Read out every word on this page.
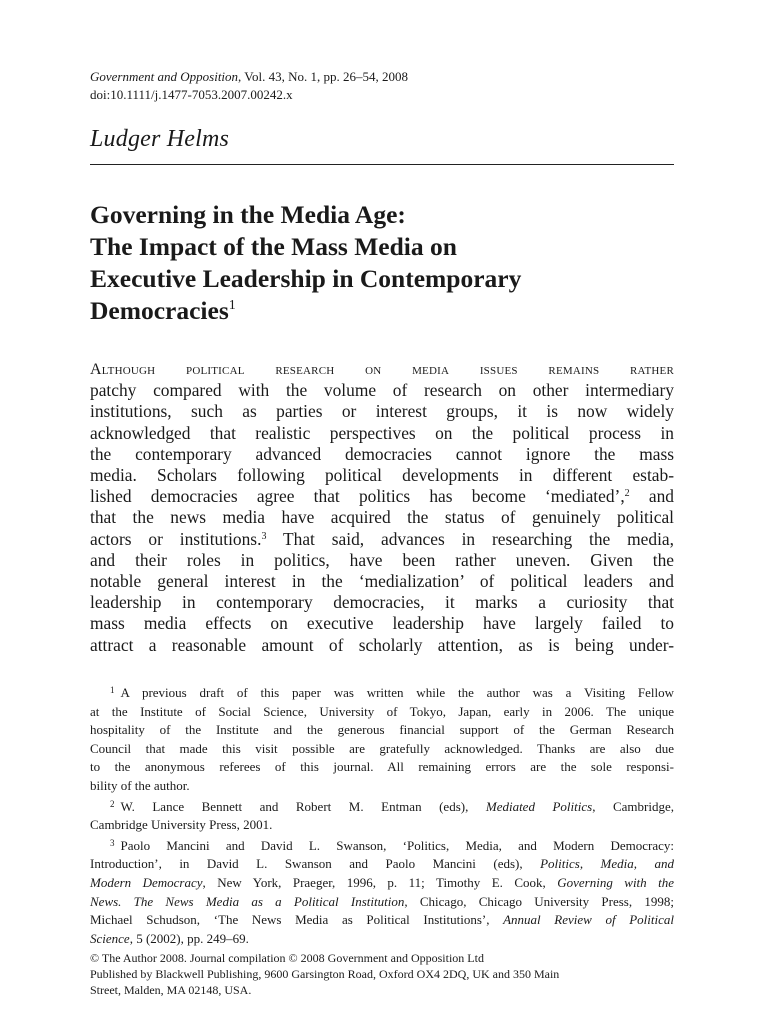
Government and Opposition, Vol. 43, No. 1, pp. 26–54, 2008
doi:10.1111/j.1477-7053.2007.00242.x
Ludger Helms
Governing in the Media Age:
The Impact of the Mass Media on
Executive Leadership in Contemporary
Democracies$^1$
Although political research on media issues remains rather
patchy compared with the volume of research on other intermediary
institutions, such as parties or interest groups, it is now widely
acknowledged that realistic perspectives on the political process in
the contemporary advanced democracies cannot ignore the mass
media. Scholars following political developments in different estab-
lished democracies agree that politics has become ‘mediated’,$^2$ and
that the news media have acquired the status of genuinely political
actors or institutions.$^3$ That said, advances in researching the media,
and their roles in politics, have been rather uneven. Given the
notable general interest in the ‘medialization’ of political leaders and
leadership in contemporary democracies, it marks a curiosity that
mass media effects on executive leadership have largely failed to
attract a reasonable amount of scholarly attention, as is being under-
$^1$ A previous draft of this paper was written while the author was a Visiting Fellow
at the Institute of Social Science, University of Tokyo, Japan, early in 2006. The unique
hospitality of the Institute and the generous financial support of the German Research
Council that made this visit possible are gratefully acknowledged. Thanks are also due
to the anonymous referees of this journal. All remaining errors are the sole responsi-
bility of the author.
$^2$ W. Lance Bennett and Robert M. Entman (eds), Mediated Politics, Cambridge,
Cambridge University Press, 2001.
$^3$ Paolo Mancini and David L. Swanson, ‘Politics, Media, and Modern Democracy:
Introduction’, in David L. Swanson and Paolo Mancini (eds), Politics, Media, and
Modern Democracy, New York, Praeger, 1996, p. 11; Timothy E. Cook, Governing with the
News. The News Media as a Political Institution, Chicago, Chicago University Press, 1998;
Michael Schudson, ‘The News Media as Political Institutions’, Annual Review of Political
Science, 5 (2002), pp. 249–69.
© The Author 2008. Journal compilation © 2008 Government and Opposition Ltd
Published by Blackwell Publishing, 9600 Garsington Road, Oxford OX4 2DQ, UK and 350 Main
Street, Malden, MA 02148, USA.
